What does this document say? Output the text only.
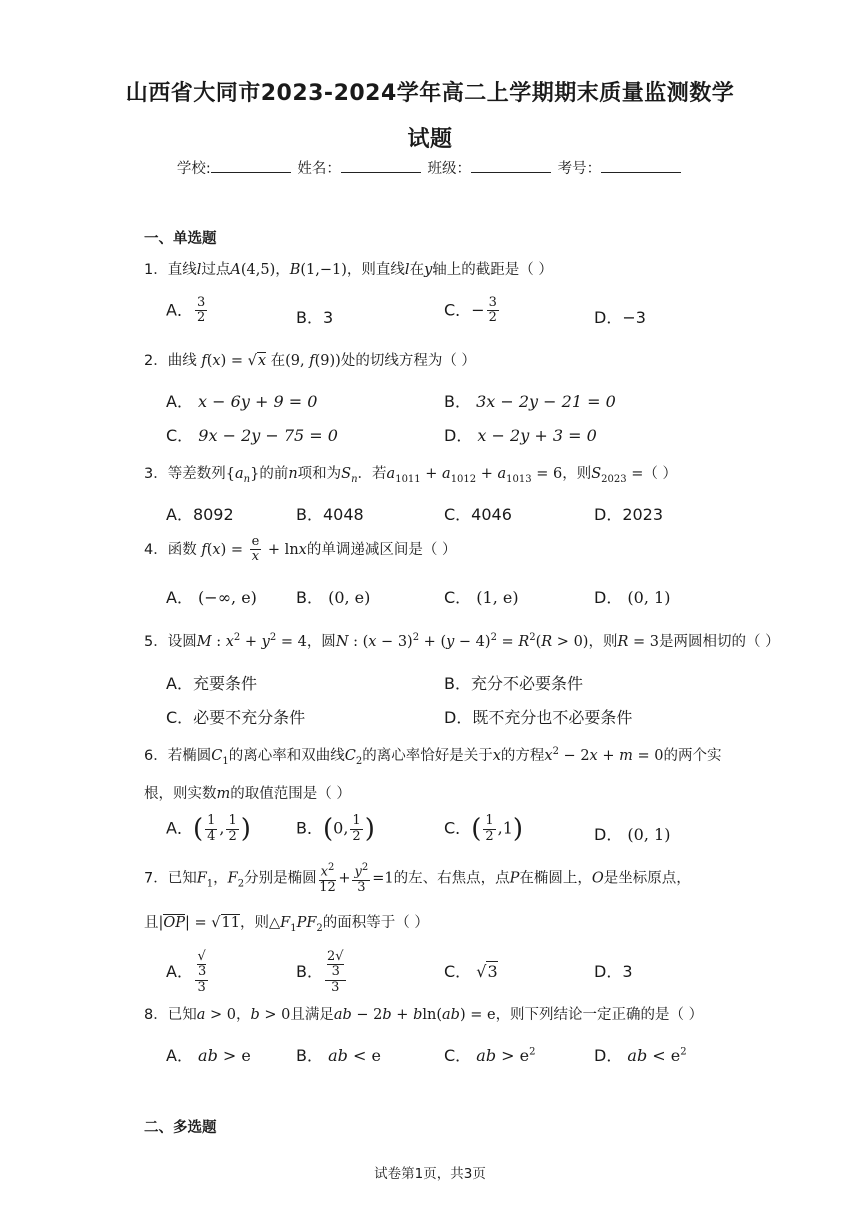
山西省大同市2023-2024学年高二上学期期末质量监测数学
试题
学校:	姓名：	班级：	考号：
一、单选题
1．直线l过点A(4,5)，B(1,−1)，则直线l在y轴上的截距是（ ）
A． $\frac{3}{2}$	B．3	C．− $\frac{3}{2}$	D．−3
2．曲线 f(x) = √x 在(9, f(9))处的切线方程为（ ）
A． x − 6y + 9 = 0	B． 3x − 2y − 21 = 0
C． 9x − 2y − 75 = 0	D． x − 2y + 3 = 0
3．等差数列$\{a_n\}$的前n项和为$S_n$．若$a_{1011} + a_{1012} + a_{1013} = 6$，则$S_{2023}$ =（ ）
A．8092	B．4048	C．4046	D．2023
4．函数 $f(x) = \frac{e}{x} + \ln x$的单调递减区间是（ ）
A． (−∞, e) B． (0, e)	C． (1, e)	D． (0, 1)
5．设圆M : $x^2 + y^2 = 4$，圆N : $(x - 3)^2 + (y - 4)^2 = R^2(R > 0)$，则R = 3是两圆相切的（ ）
A．充要条件	B．充分不必要条件
C．必要不充分条件	D．既不充分也不必要条件
6．若椭圆$C_1$的离心率和双曲线$C_2$的离心率恰好是关于x的方程$x^2 - 2x + m = 0$的两个实
根，则实数m的取值范围是（ ）
A．( $\frac{1}{4}$ , $\frac{1}{2}$ )	B．(0, $\frac{1}{2}$ )	C．( $\frac{1}{2} ,1$)	D． (0, 1)
7．已知$F_1$，$F_2$分别是椭圆 $\frac{x^2}{12} + \frac{y^2}{3} =1$的左、右焦点，点P在椭圆上，O是坐标原点，
且|OP| = √11，则$\triangle F_1PF_2$的面积等于（ ）
A． √
3
3	B． 2√
3
3	C． √3	D．3
8．已知a > 0，b > 0且满足ab − 2b + bln(ab) = e，则下列结论一定正确的是（ ）
A． ab > e	B． ab < e	C． ab > $e^2$	D． ab < $e^2$
二、多选题
试卷第1页，共3页
